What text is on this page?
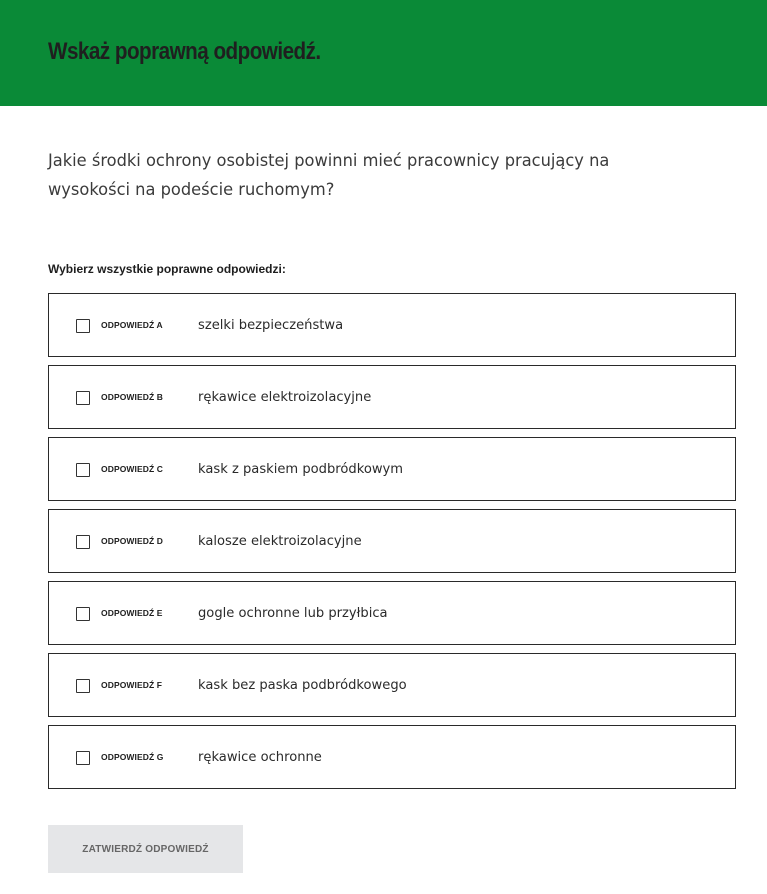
Wskaż poprawną odpowiedź.

Jakie środki ochrony osobistej powinni mieć pracownicy pracujący na wysokości na podeście ruchomym?

Wybierz wszystkie poprawne odpowiedzi:

ODPOWIEDŹ A	szelki bezpieczeństwa
ODPOWIEDŹ B	rękawice elektroizolacyjne
ODPOWIEDŹ C	kask z paskiem podbródkowym
ODPOWIEDŹ D	kalosze elektroizolacyjne
ODPOWIEDŹ E	gogle ochronne lub przyłbica
ODPOWIEDŹ F	kask bez paska podbródkowego
ODPOWIEDŹ G	rękawice ochronne
ZATWIERDŹ ODPOWIEDŹ
